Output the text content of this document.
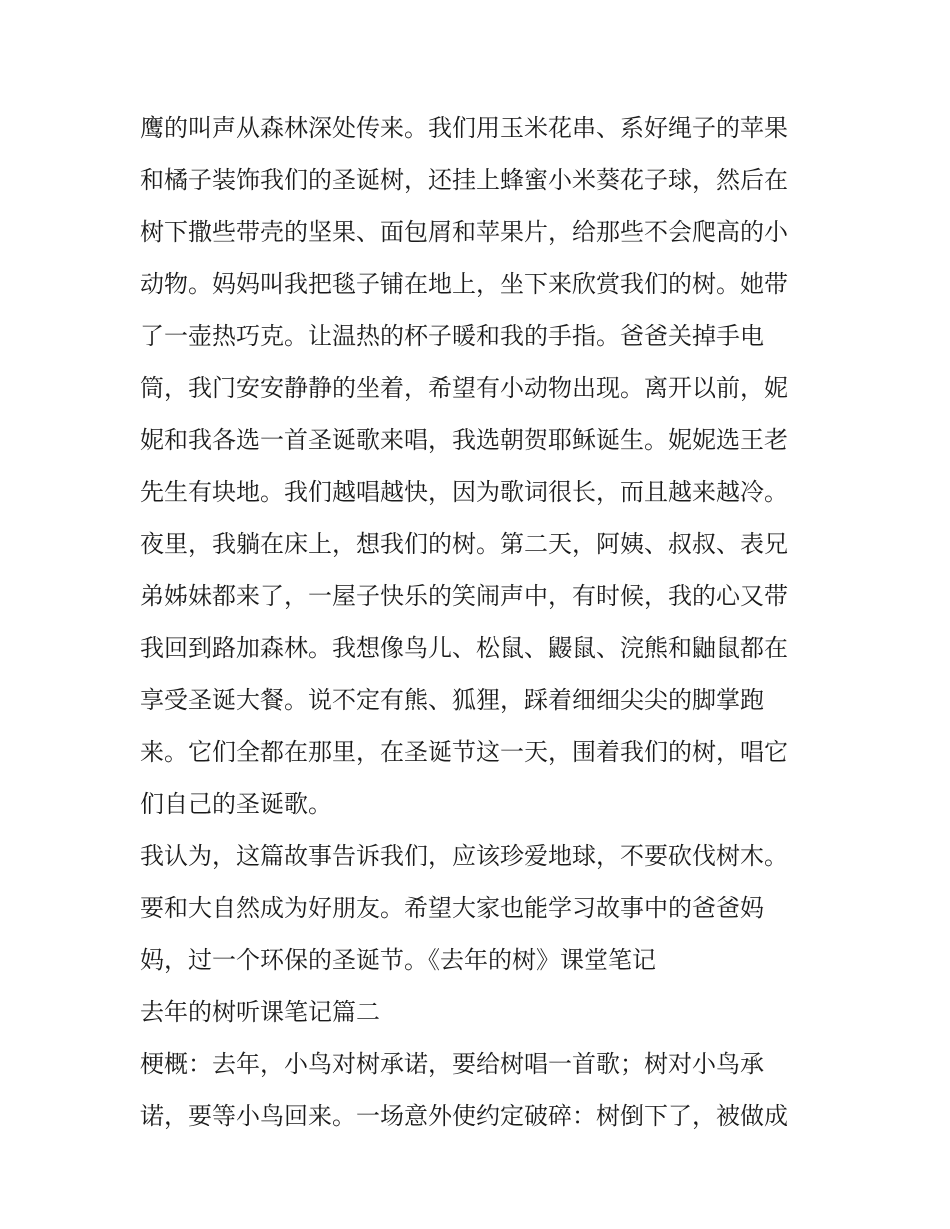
鹰的叫声从森林深处传来。我们用玉米花串、系好绳子的苹果
和橘子装饰我们的圣诞树，还挂上蜂蜜小米葵花子球，然后在
树下撒些带壳的坚果、面包屑和苹果片，给那些不会爬高的小
动物。妈妈叫我把毯子铺在地上，坐下来欣赏我们的树。她带
了一壶热巧克。让温热的杯子暖和我的手指。爸爸关掉手电
筒，我门安安静静的坐着，希望有小动物出现。离开以前，妮
妮和我各选一首圣诞歌来唱，我选朝贺耶稣诞生。妮妮选王老
先生有块地。我们越唱越快，因为歌词很长，而且越来越冷。
夜里，我躺在床上，想我们的树。第二天，阿姨、叔叔、表兄
弟姊妹都来了，一屋子快乐的笑闹声中，有时候，我的心又带
我回到路加森林。我想像鸟儿、松鼠、鼹鼠、浣熊和鼬鼠都在
享受圣诞大餐。说不定有熊、狐狸，踩着细细尖尖的脚掌跑
来。它们全都在那里，在圣诞节这一天，围着我们的树，唱它
们自己的圣诞歌。
我认为，这篇故事告诉我们，应该珍爱地球，不要砍伐树木。
要和大自然成为好朋友。希望大家也能学习故事中的爸爸妈
妈，过一个环保的圣诞节。《去年的树》课堂笔记
去年的树听课笔记篇二
梗概：去年，小鸟对树承诺，要给树唱一首歌；树对小鸟承
诺，要等小鸟回来。一场意外使约定破碎：树倒下了，被做成
